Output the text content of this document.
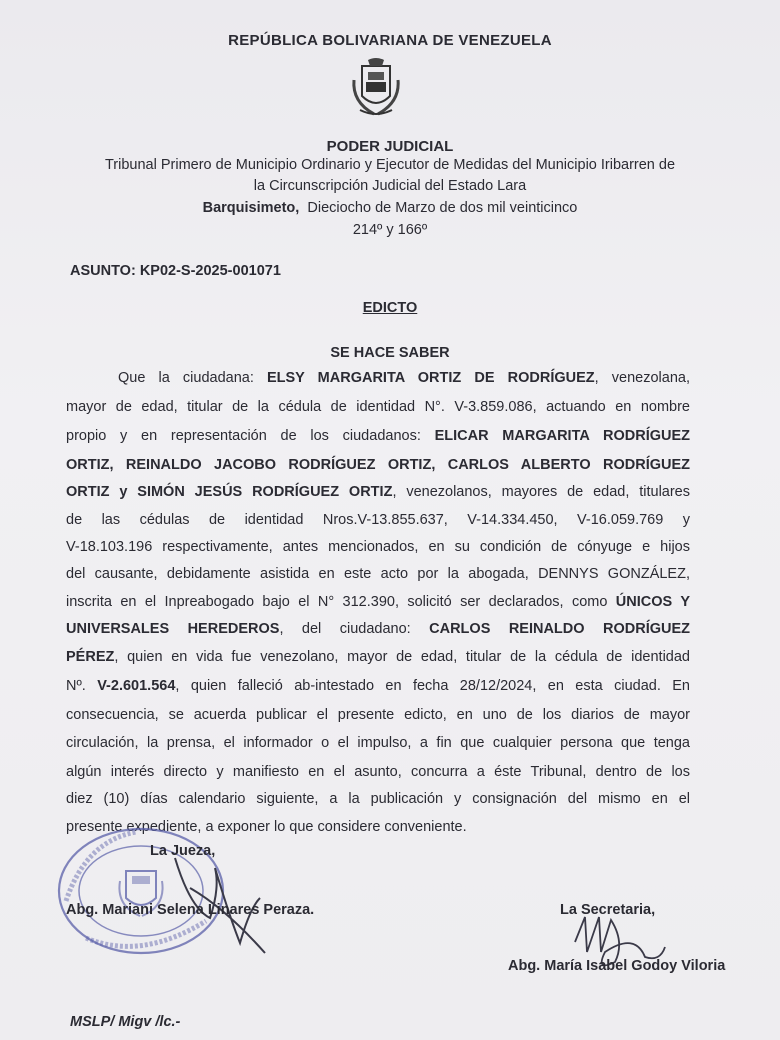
REPÚBLICA BOLIVARIANA DE VENEZUELA
PODER JUDICIAL
Tribunal Primero de Municipio Ordinario y Ejecutor de Medidas del Municipio Iribarren de
la Circunscripción Judicial del Estado Lara
Barquisimeto, Dieciocho de Marzo de dos mil veinticinco
214º y 166º
ASUNTO: KP02-S-2025-001071
EDICTO
SE HACE SABER
Que la ciudadana: ELSY MARGARITA ORTIZ DE RODRÍGUEZ, venezolana,
mayor de edad, titular de la cédula de identidad N°. V-3.859.086, actuando en nombre
propio y en representación de los ciudadanos: ELICAR MARGARITA RODRÍGUEZ
ORTIZ, REINALDO JACOBO RODRÍGUEZ ORTIZ, CARLOS ALBERTO RODRÍGUEZ
ORTIZ y SIMÓN JESÚS RODRÍGUEZ ORTIZ, venezolanos, mayores de edad, titulares
de las cédulas de identidad Nros.V-13.855.637, V-14.334.450, V-16.059.769 y
V-18.103.196 respectivamente, antes mencionados, en su condición de cónyuge e hijos
del causante, debidamente asistida en este acto por la abogada, DENNYS GONZÁLEZ,
inscrita en el Inpreabogado bajo el N° 312.390, solicitó ser declarados, como ÚNICOS Y
UNIVERSALES HEREDEROS, del ciudadano: CARLOS REINALDO RODRÍGUEZ
PÉREZ, quien en vida fue venezolano, mayor de edad, titular de la cédula de identidad
Nº. V-2.601.564, quien falleció ab-intestado en fecha 28/12/2024, en esta ciudad. En
consecuencia, se acuerda publicar el presente edicto, en uno de los diarios de mayor
circulación, la prensa, el informador o el impulso, a fin que cualquier persona que tenga
algún interés directo y manifiesto en el asunto, concurra a éste Tribunal, dentro de los
diez (10) días calendario siguiente, a la publicación y consignación del mismo en el
presente expediente, a exponer lo que considere conveniente.
La Jueza,
Abg. Mariani Selena Linares Peraza.	La Secretaria,
Abg. María Isabel Godoy Viloria
MSLP/ Migv /lc.-
